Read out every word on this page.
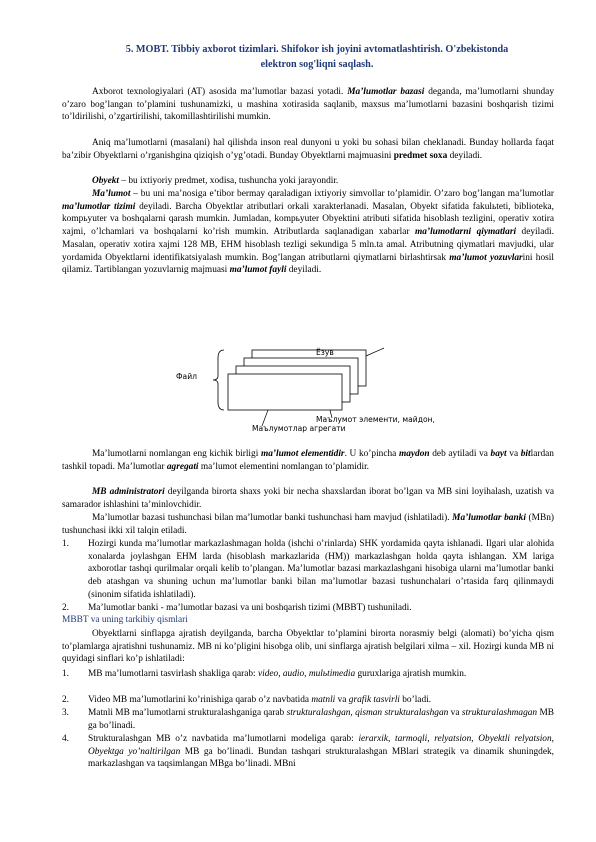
5. MOBT. Tibbiy axborot tizimlari. Shifokor ish joyini avtomatlashtirish. O'zbekistonda
elektron sog'liqni saqlash.

Axborot texnologiyalari (AT) asosida ma’lumotlar bazasi yotadi. Ma’lumotlar bazasi deganda, ma’lumotlarni shunday o’zaro bog’langan to’plamini tushunamizki, u mashina xotirasida saqlanib, maxsus ma’lumotlarni bazasini boshqarish tizimi to’ldirilishi, o’zgartirilishi, takomillashtirilishi mumkin.

Aniq ma’lumotlarni (masalani) hal qilishda inson real dunyoni u yoki bu sohasi bilan cheklanadi. Bunday hollarda faqat ba’zibir Obyektlarni o’rganishgina qiziqish o’yg’otadi. Bunday Obyektlarni majmuasini predmet soxa deyiladi.

Obyekt – bu ixtiyoriy predmet, xodisa, tushuncha yoki jarayondir.

Ma’lumot – bu uni ma’nosiga e’tibor bermay qaraladigan ixtiyoriy simvollar to’plamidir. O’zaro bog’langan ma’lumotlar ma’lumotlar tizimi deyiladi. Barcha Obyektlar atributlari orkali xarakterlanadi. Masalan, Obyekt sifatida fakulьteti, biblioteka, kompьyuter va boshqalarni qarash mumkin. Jumladan, kompьyuter Obyektini atributi sifatida hisoblash tezligini, operativ xotira xajmi, o’lchamlari va boshqalarni ko’rish mumkin. Atributlarda saqlanadigan xabarlar ma’lumotlarni qiymatlari deyiladi. Masalan, operativ xotira xajmi 128 MB, EHM hisoblash tezligi sekundiga 5 mln.ta amal. Atributning qiymatlari mavjudki, ular yordamida Obyektlarni identifikatsiyalash mumkin. Bog’langan atributlarni qiymatlarni birlashtirsak ma’lumot yozuvlarini hosil qilamiz. Tartiblangan yozuvlarnig majmuasi ma’lumot fayli deyiladi.

Файл
Ёзув
Маълумот элементи, майдон,
Маълумотлар агрегати

Ma’lumotlarni nomlangan eng kichik birligi ma’lumot elementidir. U ko’pincha maydon deb aytiladi va bayt va bitlardan tashkil topadi. Ma’lumotlar agregati ma’lumot elementini nomlangan to’plamidir.

MB administratori deyilganda birorta shaxs yoki bir necha shaxslardan iborat bo’lgan va MB sini loyihalash, uzatish va samarador ishlashini ta’minlovchidir.

Ma’lumotlar bazasi tushunchasi bilan ma’lumotlar banki tushunchasi ham mavjud (ishlatiladi). Ma’lumotlar banki (MBn) tushunchasi ikki xil talqin etiladi.

1. Hozirgi kunda ma’lumotlar markazlashmagan holda (ishchi o’rinlarda) SHK yordamida qayta ishlanadi. Ilgari ular alohida xonalarda joylashgan EHM larda (hisoblash markazlarida (HM)) markazlashgan holda qayta ishlangan. XM lariga axborotlar tashqi qurilmalar orqali kelib to’plangan. Ma’lumotlar bazasi markazlashgani hisobiga ularni ma’lumotlar banki deb atashgan va shuning uchun ma’lumotlar banki bilan ma’lumotlar bazasi tushunchalari o’rtasida farq qilinmaydi (sinonim sifatida ishlatiladi).
2. Ma’lumotlar banki - ma’lumotlar bazasi va uni boshqarish tizimi (MBBT) tushuniladi.
MBBT va uning tarkibiy qismlari

Obyektlarni sinflapga ajratish deyilganda, barcha Obyektlar to’plamini birorta norasmiy belgi (alomati) bo’yicha qism to’plamlarga ajratishni tushunamiz. MB ni ko’pligini hisobga olib, uni sinflarga ajratish belgilari xilma – xil. Hozirgi kunda MB ni quyidagi sinflari ko’p ishlatiladi:

1. MB ma’lumotlarni tasvirlash shakliga qarab: video, audio, mulьtimedia guruxlariga ajratish mumkin.
2. Video MB ma’lumotlarini ko’rinishiga qarab o’z navbatida matnli va grafik tasvirli bo’ladi.
3. Matnli MB ma’lumotlarni strukturalashganiga qarab strukturalashgan, qisman strukturalashgan va strukturalashmagan MB ga bo’linadi.
4. Strukturalashgan MB o’z navbatida ma’lumotlarni modeliga qarab: ierarxik, tarmoqli, relyatsion, Obyektli relyatsion, Obyektga yo’naltirilgan MB ga bo’linadi. Bundan tashqari strukturalashgan MBlari strategik va dinamik shuningdek, markazlashgan va taqsimlangan MBga bo’linadi. MBni
